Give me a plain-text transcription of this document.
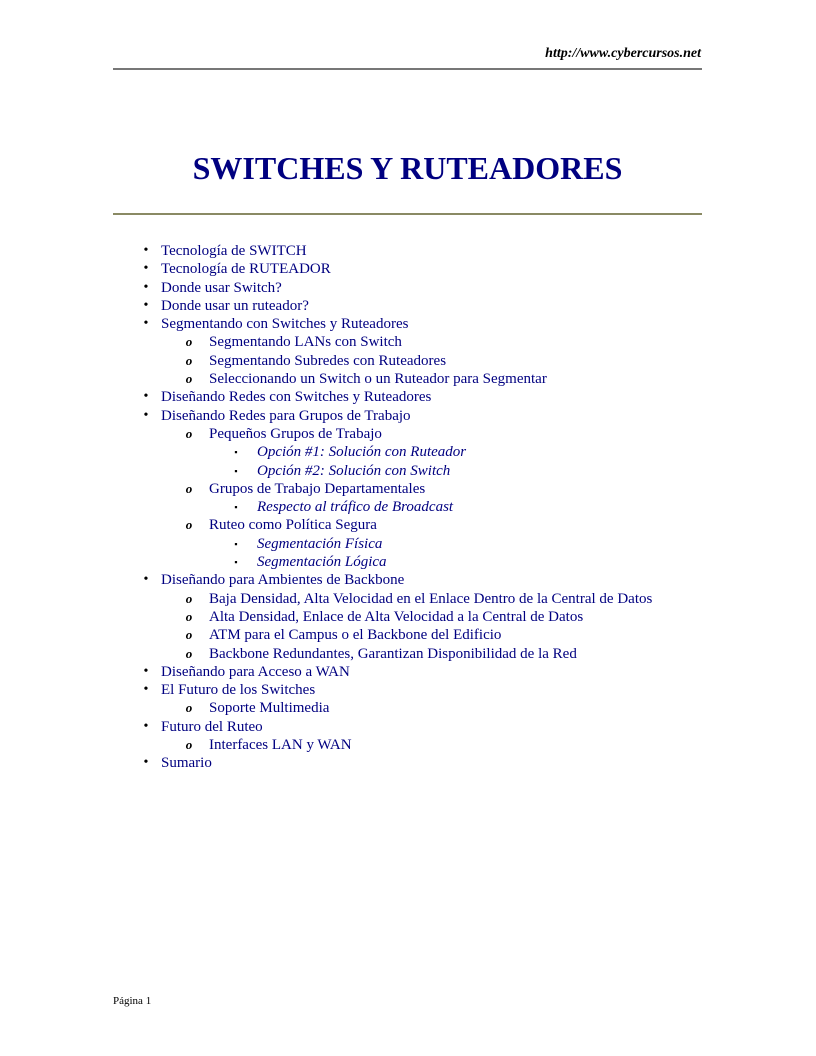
http://www.cybercursos.net
SWITCHES Y RUTEADORES
• Tecnología de SWITCH
• Tecnología de RUTEADOR
• Donde usar Switch?
• Donde usar un ruteador?
• Segmentando con Switches y Ruteadores
o	Segmentando LANs con Switch
o	Segmentando Subredes con Ruteadores
o	Seleccionando un Switch o un Ruteador para Segmentar
• Diseñando Redes con Switches y Ruteadores
• Diseñando Redes para Grupos de Trabajo
o	Pequeños Grupos de Trabajo
▪	Opción #1: Solución con Ruteador
▪	Opción #2: Solución con Switch
o	Grupos de Trabajo Departamentales
▪	Respecto al tráfico de Broadcast
o	Ruteo como Política Segura
▪	Segmentación Física
▪	Segmentación Lógica
• Diseñando para Ambientes de Backbone
o	Baja Densidad, Alta Velocidad en el Enlace Dentro de la Central de Datos
o	Alta Densidad, Enlace de Alta Velocidad a la Central de Datos
o	ATM para el Campus o el Backbone del Edificio
o	Backbone Redundantes, Garantizan Disponibilidad de la Red
• Diseñando para Acceso a WAN
• El Futuro de los Switches
o	Soporte Multimedia
• Futuro del Ruteo
o	Interfaces LAN y WAN
• Sumario
Página 1
